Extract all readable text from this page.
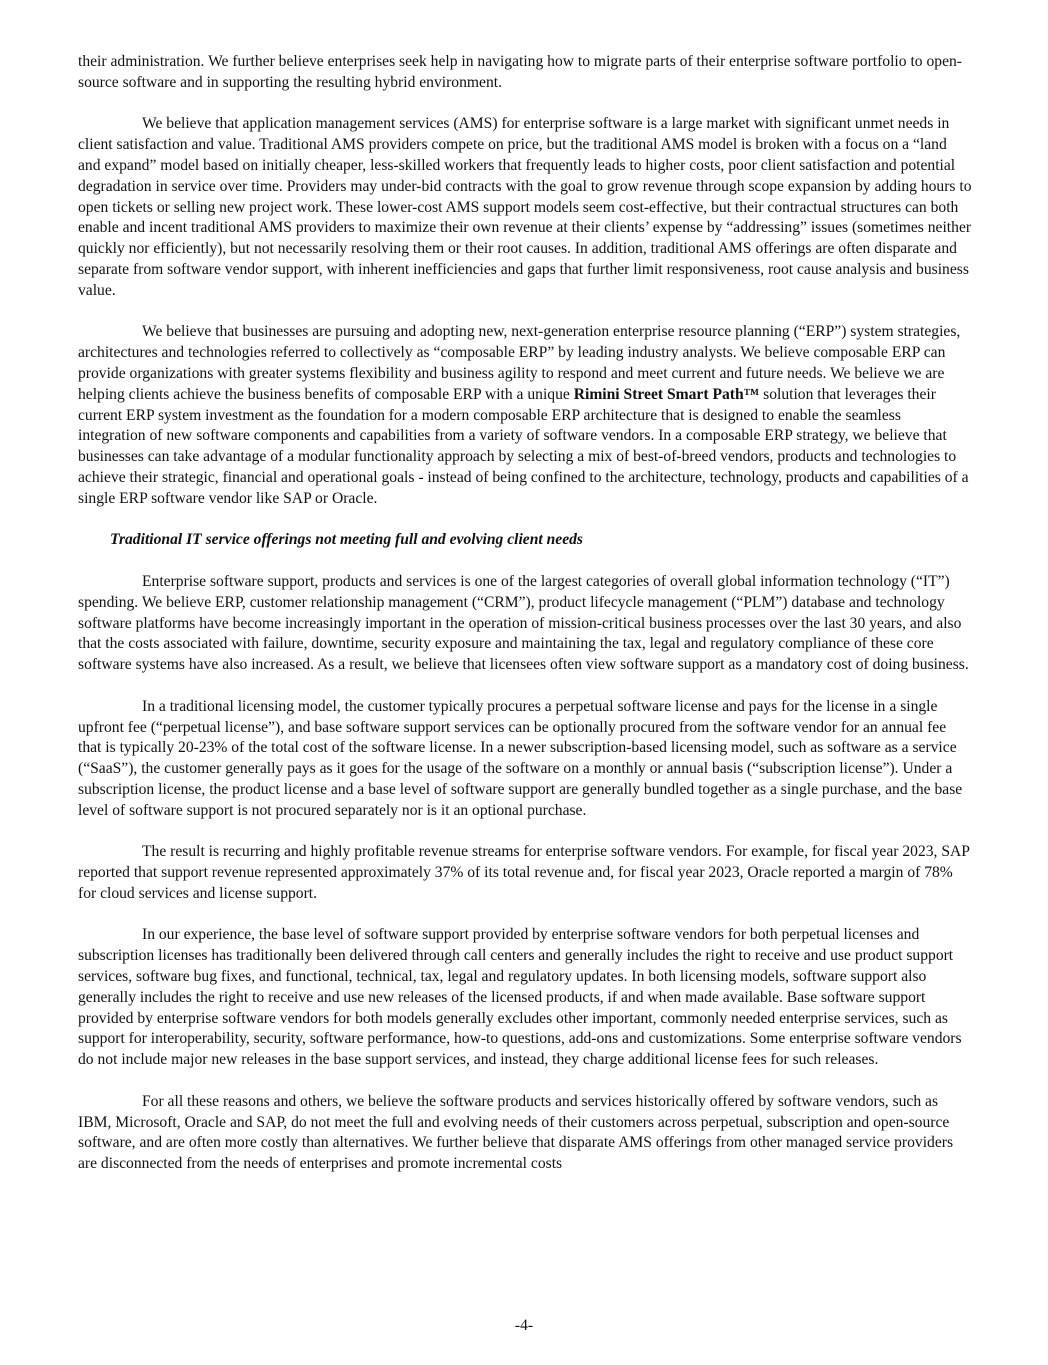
their administration. We further believe enterprises seek help in navigating how to migrate parts of their enterprise software portfolio to open-source software and in supporting the resulting hybrid environment.

We believe that application management services (AMS) for enterprise software is a large market with significant unmet needs in client satisfaction and value. Traditional AMS providers compete on price, but the traditional AMS model is broken with a focus on a “land and expand” model based on initially cheaper, less-skilled workers that frequently leads to higher costs, poor client satisfaction and potential degradation in service over time. Providers may under-bid contracts with the goal to grow revenue through scope expansion by adding hours to open tickets or selling new project work. These lower-cost AMS support models seem cost-effective, but their contractual structures can both enable and incent traditional AMS providers to maximize their own revenue at their clients’ expense by “addressing” issues (sometimes neither quickly nor efficiently), but not necessarily resolving them or their root causes. In addition, traditional AMS offerings are often disparate and separate from software vendor support, with inherent inefficiencies and gaps that further limit responsiveness, root cause analysis and business value.

We believe that businesses are pursuing and adopting new, next-generation enterprise resource planning (“ERP”) system strategies, architectures and technologies referred to collectively as “composable ERP” by leading industry analysts. We believe composable ERP can provide organizations with greater systems flexibility and business agility to respond and meet current and future needs. We believe we are helping clients achieve the business benefits of composable ERP with a unique Rimini Street Smart Path™ solution that leverages their current ERP system investment as the foundation for a modern composable ERP architecture that is designed to enable the seamless integration of new software components and capabilities from a variety of software vendors. In a composable ERP strategy, we believe that businesses can take advantage of a modular functionality approach by selecting a mix of best-of-breed vendors, products and technologies to achieve their strategic, financial and operational goals - instead of being confined to the architecture, technology, products and capabilities of a single ERP software vendor like SAP or Oracle.

Traditional IT service offerings not meeting full and evolving client needs

Enterprise software support, products and services is one of the largest categories of overall global information technology (“IT”) spending. We believe ERP, customer relationship management (“CRM”), product lifecycle management (“PLM”) database and technology software platforms have become increasingly important in the operation of mission-critical business processes over the last 30 years, and also that the costs associated with failure, downtime, security exposure and maintaining the tax, legal and regulatory compliance of these core software systems have also increased. As a result, we believe that licensees often view software support as a mandatory cost of doing business.

In a traditional licensing model, the customer typically procures a perpetual software license and pays for the license in a single upfront fee (“perpetual license”), and base software support services can be optionally procured from the software vendor for an annual fee that is typically 20-23% of the total cost of the software license. In a newer subscription-based licensing model, such as software as a service (“SaaS”), the customer generally pays as it goes for the usage of the software on a monthly or annual basis (“subscription license”). Under a subscription license, the product license and a base level of software support are generally bundled together as a single purchase, and the base level of software support is not procured separately nor is it an optional purchase.

The result is recurring and highly profitable revenue streams for enterprise software vendors. For example, for fiscal year 2023, SAP reported that support revenue represented approximately 37% of its total revenue and, for fiscal year 2023, Oracle reported a margin of 78% for cloud services and license support.

In our experience, the base level of software support provided by enterprise software vendors for both perpetual licenses and subscription licenses has traditionally been delivered through call centers and generally includes the right to receive and use product support services, software bug fixes, and functional, technical, tax, legal and regulatory updates. In both licensing models, software support also generally includes the right to receive and use new releases of the licensed products, if and when made available. Base software support provided by enterprise software vendors for both models generally excludes other important, commonly needed enterprise services, such as support for interoperability, security, software performance, how-to questions, add-ons and customizations. Some enterprise software vendors do not include major new releases in the base support services, and instead, they charge additional license fees for such releases.

For all these reasons and others, we believe the software products and services historically offered by software vendors, such as IBM, Microsoft, Oracle and SAP, do not meet the full and evolving needs of their customers across perpetual, subscription and open-source software, and are often more costly than alternatives. We further believe that disparate AMS offerings from other managed service providers are disconnected from the needs of enterprises and promote incremental costs

-4-
